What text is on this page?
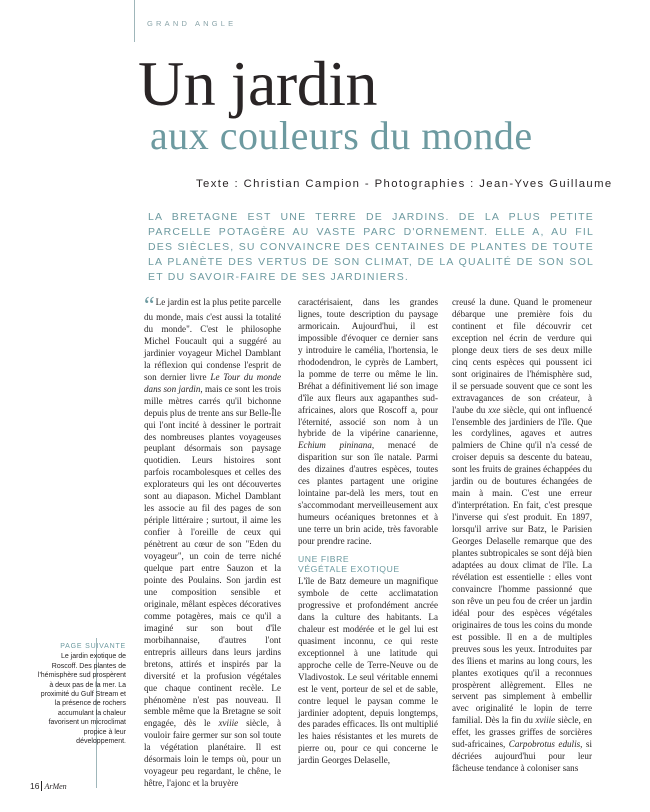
GRAND ANGLE
Un jardin
aux couleurs du monde
Texte : Christian Campion - Photographies : Jean-Yves Guillaume
LA BRETAGNE EST UNE TERRE DE JARDINS. DE LA PLUS PETITE PARCELLE POTAGÈRE AU VASTE PARC D'ORNEMENT. ELLE A, AU FIL DES SIÈCLES, SU CONVAINCRE DES CENTAINES DE PLANTES DE TOUTE LA PLANÈTE DES VERTUS DE SON CLIMAT, DE LA QUALITÉ DE SON SOL ET DU SAVOIR-FAIRE DE SES JARDINIERS.

“Le jardin est la plus petite parcelle du monde, mais c'est aussi la totalité du monde". C'est le philosophe Michel Foucault qui a suggéré au jardinier voyageur Michel Damblant la réflexion qui condense l'esprit de son dernier livre Le Tour du monde dans son jardin, mais ce sont les trois mille mètres carrés qu'il bichonne depuis plus de trente ans sur Belle-Île qui l'ont incité à dessiner le portrait des nombreuses plantes voyageuses peuplant désormais son paysage quotidien. Leurs histoires sont parfois rocambolesques et celles des explorateurs qui les ont découvertes sont au diapason. Michel Damblant les associe au fil des pages de son périple littéraire ; surtout, il aime les confier à l'oreille de ceux qui pénètrent au cœur de son "Eden du voyageur", un coin de terre niché quelque part entre Sauzon et la pointe des Poulains. Son jardin est une composition sensible et originale, mêlant espèces décoratives comme potagères, mais ce qu'il a imaginé sur son bout d'île morbihannaise, d'autres l'ont entrepris ailleurs dans leurs jardins bretons, attirés et inspirés par la diversité et la profusion végétales que chaque continent recèle. Le phénomène n'est pas nouveau. Il semble même que la Bretagne se soit engagée, dès le xviiie siècle, à vouloir faire germer sur son sol toute la végétation planétaire. Il est désormais loin le temps où, pour un voyageur peu regardant, le chêne, le hêtre, l'ajonc et la bruyère

caractérisaient, dans les grandes lignes, toute description du paysage armoricain. Aujourd'hui, il est impossible d'évoquer ce dernier sans y introduire le camélia, l'hortensia, le rhododendron, le cyprès de Lambert, la pomme de terre ou même le lin. Bréhat a définitivement lié son image d'île aux fleurs aux agapanthes sud-africaines, alors que Roscoff a, pour l'éternité, associé son nom à un hybride de la vipérine canarienne, Echium pininana, menacé de disparition sur son île natale. Parmi des dizaines d'autres espèces, toutes ces plantes partagent une origine lointaine par-delà les mers, tout en s'accommodant merveilleusement aux humeurs océaniques bretonnes et à une terre un brin acide, très favorable pour prendre racine.

UNE FIBRE

VÉGÉTALE EXOTIQUE

L'île de Batz demeure un magnifique symbole de cette acclimatation progressive et profondément ancrée dans la culture des habitants. La chaleur est modérée et le gel lui est quasiment inconnu, ce qui reste exceptionnel à une latitude qui approche celle de Terre-Neuve ou de Vladivostok. Le seul véritable ennemi est le vent, porteur de sel et de sable, contre lequel le paysan comme le jardinier adoptent, depuis longtemps, des parades efficaces. Ils ont multiplié les haies résistantes et les murets de pierre ou, pour ce qui concerne le jardin Georges Delaselle,

creusé la dune. Quand le promeneur débarque une première fois du continent et file découvrir cet exception nel écrin de verdure qui plonge deux tiers de ses deux mille cinq cents espèces qui poussent ici sont originaires de l'hémisphère sud, il se persuade souvent que ce sont les extravagances de son créateur, à l'aube du xxe siècle, qui ont influencé l'ensemble des jardiniers de l'île. Que les cordylines, agaves et autres palmiers de Chine qu'il n'a cessé de croiser depuis sa descente du bateau, sont les fruits de graines échappées du jardin ou de boutures échangées de main à main. C'est une erreur d'interprétation. En fait, c'est presque l'inverse qui s'est produit. En 1897, lorsqu'il arrive sur Batz, le Parisien Georges Delaselle remarque que des plantes subtropicales se sont déjà bien adaptées au doux climat de l'île. La révélation est essentielle : elles vont convaincre l'homme passionné que son rêve un peu fou de créer un jardin idéal pour des espèces végétales originaires de tous les coins du monde est possible. Il en a de multiples preuves sous les yeux. Introduites par des îliens et marins au long cours, les plantes exotiques qu'il a reconnues prospèrent allègrement. Elles ne servent pas simplement à embellir avec originalité le lopin de terre familial. Dès la fin du xviiie siècle, en effet, les grasses griffes de sorcières sud-africaines, Carpobrotus edulis, si décriées aujourd'hui pour leur fâcheuse tendance à coloniser sans

PAGE SUIVANTE
Le jardin exotique de Roscoff. Des plantes de l'hémisphère sud prospèrent à deux pas de la mer. La proximité du Gulf Stream et la présence de rochers accumulant la chaleur favorisent un microclimat propice à leur développement.
16 ArMen
